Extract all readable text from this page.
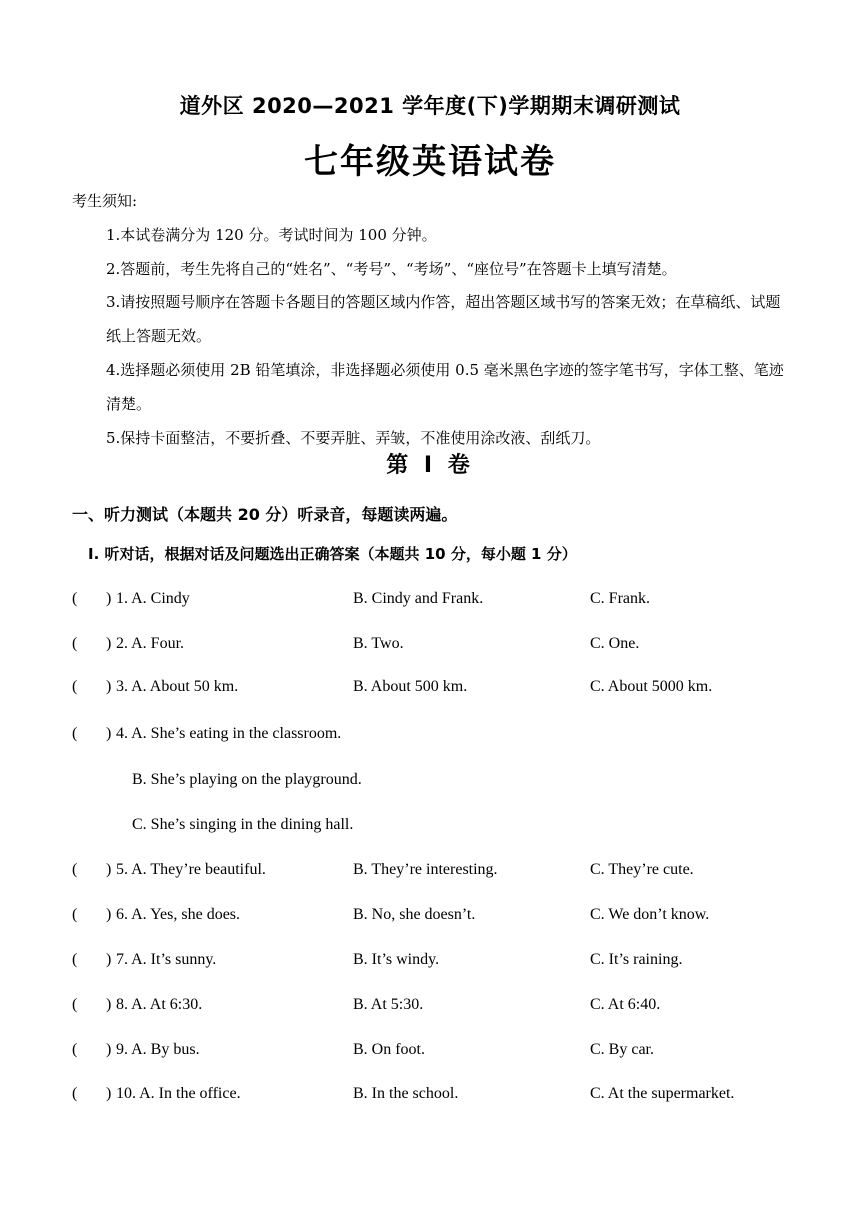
道外区 2020—2021 学年度(下)学期期末调研测试
七年级英语试卷
考生须知:
1.本试卷满分为 120 分。考试时间为 100 分钟。
2.答题前，考生先将自己的“姓名”、“考号”、“考场”、“座位号”在答题卡上填写清楚。
3.请按照题号顺序在答题卡各题目的答题区域内作答，超出答题区域书写的答案无效；在草稿纸、试题纸上答题无效。
4.选择题必须使用 2B 铅笔填涂，非选择题必须使用 0.5 毫米黑色字迹的签字笔书写，字体工整、笔迹清楚。
5.保持卡面整洁，不要折叠、不要弄脏、弄皱，不准使用涂改液、刮纸刀。
第 I 卷
一、听力测试（本题共 20 分）听录音，每题读两遍。
I. 听对话，根据对话及问题选出正确答案（本题共 10 分，每小题 1 分）
1. A. Cindy	B. Cindy and Frank.	C. Frank.
2. A. Four.	B. Two.	C. One.
3. A. About 50 km.	B. About 500 km.	C. About 5000 km.
4. A. She’s eating in the classroom.
B. She’s playing on the playground.
C. She’s singing in the dining hall.
5. A. They’re beautiful.	B. They’re interesting.	C. They’re cute.
6. A. Yes, she does.	B. No, she doesn’t.	C. We don’t know.
7. A. It’s sunny.	B. It’s windy.	C. It’s raining.
8. A. At 6:30.	B. At 5:30.	C. At 6:40.
9. A. By bus.	B. On foot.	C. By car.
10. A. In the office.	B. In the school.	C. At the supermarket.
